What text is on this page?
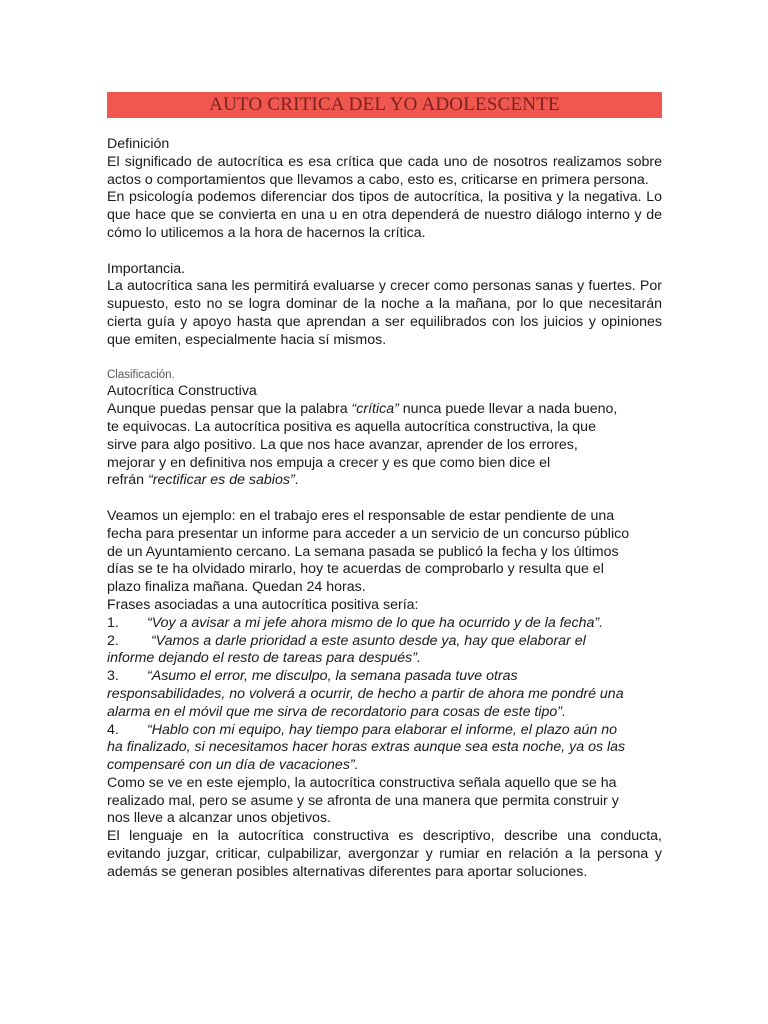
AUTO CRITICA DEL YO ADOLESCENTE

Definición

El significado de autocrítica es esa crítica que cada uno de nosotros realizamos sobre actos o comportamientos que llevamos a cabo, esto es, criticarse en primera persona.

En psicología podemos diferenciar dos tipos de autocrítica, la positiva y la negativa. Lo que hace que se convierta en una u en otra dependerá de nuestro diálogo interno y de cómo lo utilicemos a la hora de hacernos la crítica.

Importancia.

La autocrítica sana les permitirá evaluarse y crecer como personas sanas y fuertes. Por supuesto, esto no se logra dominar de la noche a la mañana, por lo que necesitarán cierta guía y apoyo hasta que aprendan a ser equilibrados con los juicios y opiniones que emiten, especialmente hacia sí mismos.

Clasificación.

Autocrítica Constructiva

Aunque puedas pensar que la palabra “crítica” nunca puede llevar a nada bueno,

te equivocas. La autocrítica positiva es aquella autocrítica constructiva, la que

sirve para algo positivo. La que nos hace avanzar, aprender de los errores,

mejorar y en definitiva nos empuja a crecer y es que como bien dice el

refrán “rectificar es de sabios”.

Veamos un ejemplo: en el trabajo eres el responsable de estar pendiente de una

fecha para presentar un informe para acceder a un servicio de un concurso público

de un Ayuntamiento cercano. La semana pasada se publicó la fecha y los últimos

días se te ha olvidado mirarlo, hoy te acuerdas de comprobarlo y resulta que el

plazo finaliza mañana. Quedan 24 horas.

Frases asociadas a una autocrítica positiva sería:

1. “Voy a avisar a mi jefe ahora mismo de lo que ha ocurrido y de la fecha”.

2. “Vamos a darle prioridad a este asunto desde ya, hay que elaborar el

informe dejando el resto de tareas para después”.

3. “Asumo el error, me disculpo, la semana pasada tuve otras

responsabilidades, no volverá a ocurrir, de hecho a partir de ahora me pondré una

alarma en el móvil que me sirva de recordatorio para cosas de este tipo”.

4. “Hablo con mi equipo, hay tiempo para elaborar el informe, el plazo aún no

ha finalizado, si necesitamos hacer horas extras aunque sea esta noche, ya os las

compensaré con un día de vacaciones”.

Como se ve en este ejemplo, la autocrítica constructiva señala aquello que se ha

realizado mal, pero se asume y se afronta de una manera que permita construir y

nos lleve a alcanzar unos objetivos.

El lenguaje en la autocrítica constructiva es descriptivo, describe una conducta, evitando juzgar, criticar, culpabilizar, avergonzar y rumiar en relación a la persona y además se generan posibles alternativas diferentes para aportar soluciones.
